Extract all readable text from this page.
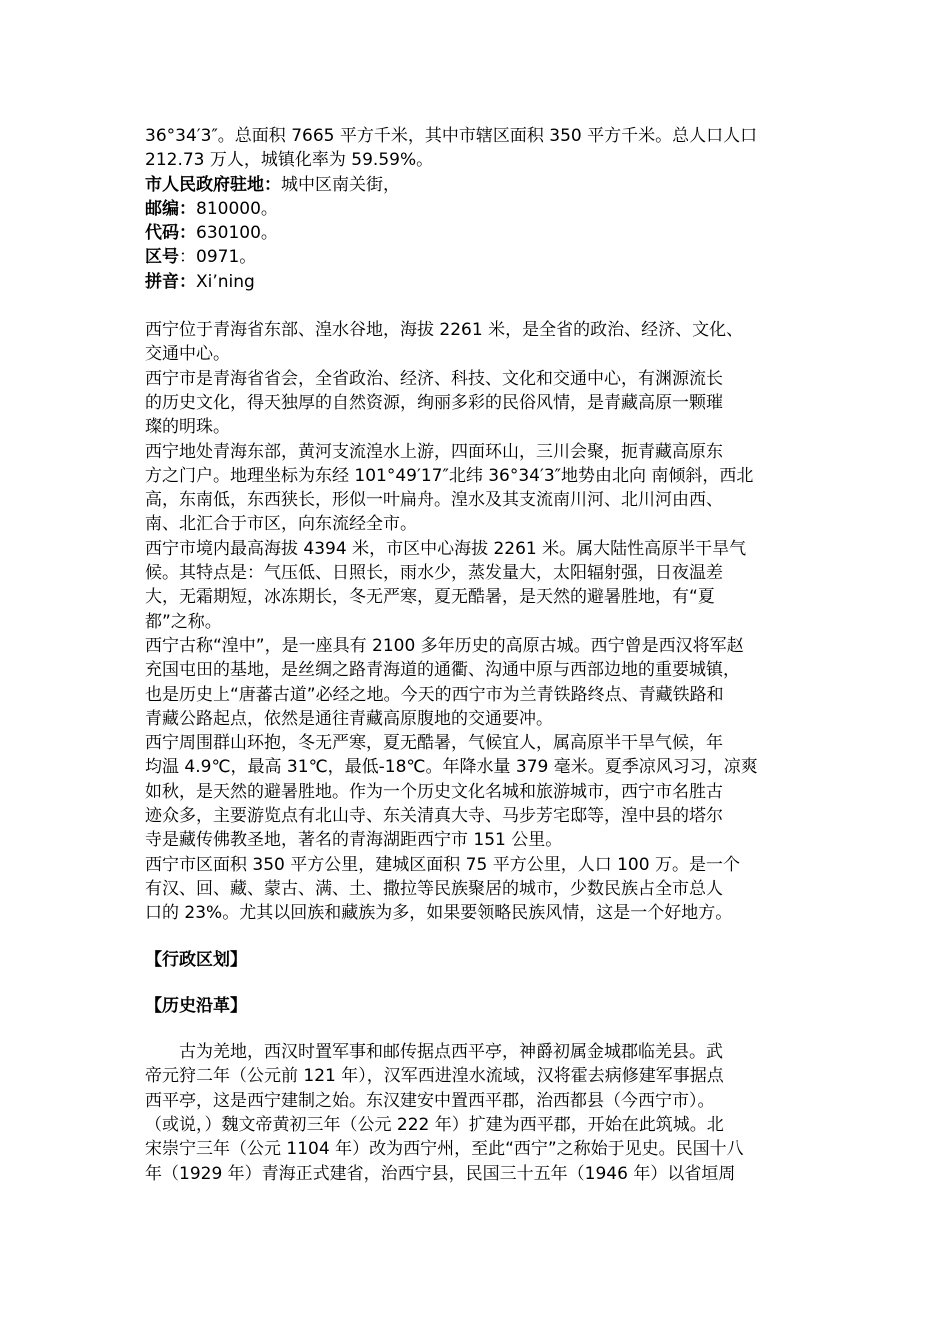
36°34′3″。总面积 7665 平方千米，其中市辖区面积 350 平方千米。总人口人口
212.73 万人，城镇化率为 59.59%。
市人民政府驻地：城中区南关街，
邮编：810000。
代码：630100。
区号：0971。
拼音：Xi’ning
西宁位于青海省东部、湟水谷地，海拔 2261 米，是全省的政治、经济、文化、
交通中心。
西宁市是青海省省会，全省政治、经济、科技、文化和交通中心，有渊源流长
的历史文化，得天独厚的自然资源，绚丽多彩的民俗风情，是青藏高原一颗璀
璨的明珠。
西宁地处青海东部，黄河支流湟水上游，四面环山，三川会聚，扼青藏高原东
方之门户。地理坐标为东经 101°49′17″北纬 36°34′3″地势由北向 南倾斜，西北
高，东南低，东西狭长，形似一叶扁舟。湟水及其支流南川河、北川河由西、
南、北汇合于市区，向东流经全市。
西宁市境内最高海拔 4394 米，市区中心海拔 2261 米。属大陆性高原半干旱气
候。其特点是：气压低、日照长，雨水少，蒸发量大，太阳辐射强，日夜温差
大，无霜期短，冰冻期长，冬无严寒，夏无酷暑，是天然的避暑胜地，有“夏
都”之称。
西宁古称“湟中”，是一座具有 2100 多年历史的高原古城。西宁曾是西汉将军赵
充国屯田的基地，是丝绸之路青海道的通衢、沟通中原与西部边地的重要城镇，
也是历史上“唐蕃古道”必经之地。今天的西宁市为兰青铁路终点、青藏铁路和
青藏公路起点，依然是通往青藏高原腹地的交通要冲。
西宁周围群山环抱，冬无严寒，夏无酷暑，气候宜人，属高原半干旱气候，年
均温 4.9℃，最高 31℃，最低-18℃。年降水量 379 毫米。夏季凉风习习，凉爽
如秋，是天然的避暑胜地。作为一个历史文化名城和旅游城市，西宁市名胜古
迹众多，主要游览点有北山寺、东关清真大寺、马步芳宅邸等，湟中县的塔尔
寺是藏传佛教圣地，著名的青海湖距西宁市 151 公里。
西宁市区面积 350 平方公里，建城区面积 75 平方公里，人口 100 万。是一个
有汉、回、藏、蒙古、满、土、撒拉等民族聚居的城市，少数民族占全市总人
口的 23%。尤其以回族和藏族为多，如果要领略民族风情，这是一个好地方。
【行政区划】
【历史沿革】
古为羌地，西汉时置军事和邮传据点西平亭，神爵初属金城郡临羌县。武
帝元狩二年（公元前 121 年），汉军西进湟水流域，汉将霍去病修建军事据点
西平亭，这是西宁建制之始。东汉建安中置西平郡，治西都县（今西宁市）。
（或说，）魏文帝黄初三年（公元 222 年）扩建为西平郡，开始在此筑城。北
宋崇宁三年（公元 1104 年）改为西宁州，至此“西宁”之称始于见史。民国十八
年（1929 年）青海正式建省，治西宁县，民国三十五年（1946 年）以省垣周
